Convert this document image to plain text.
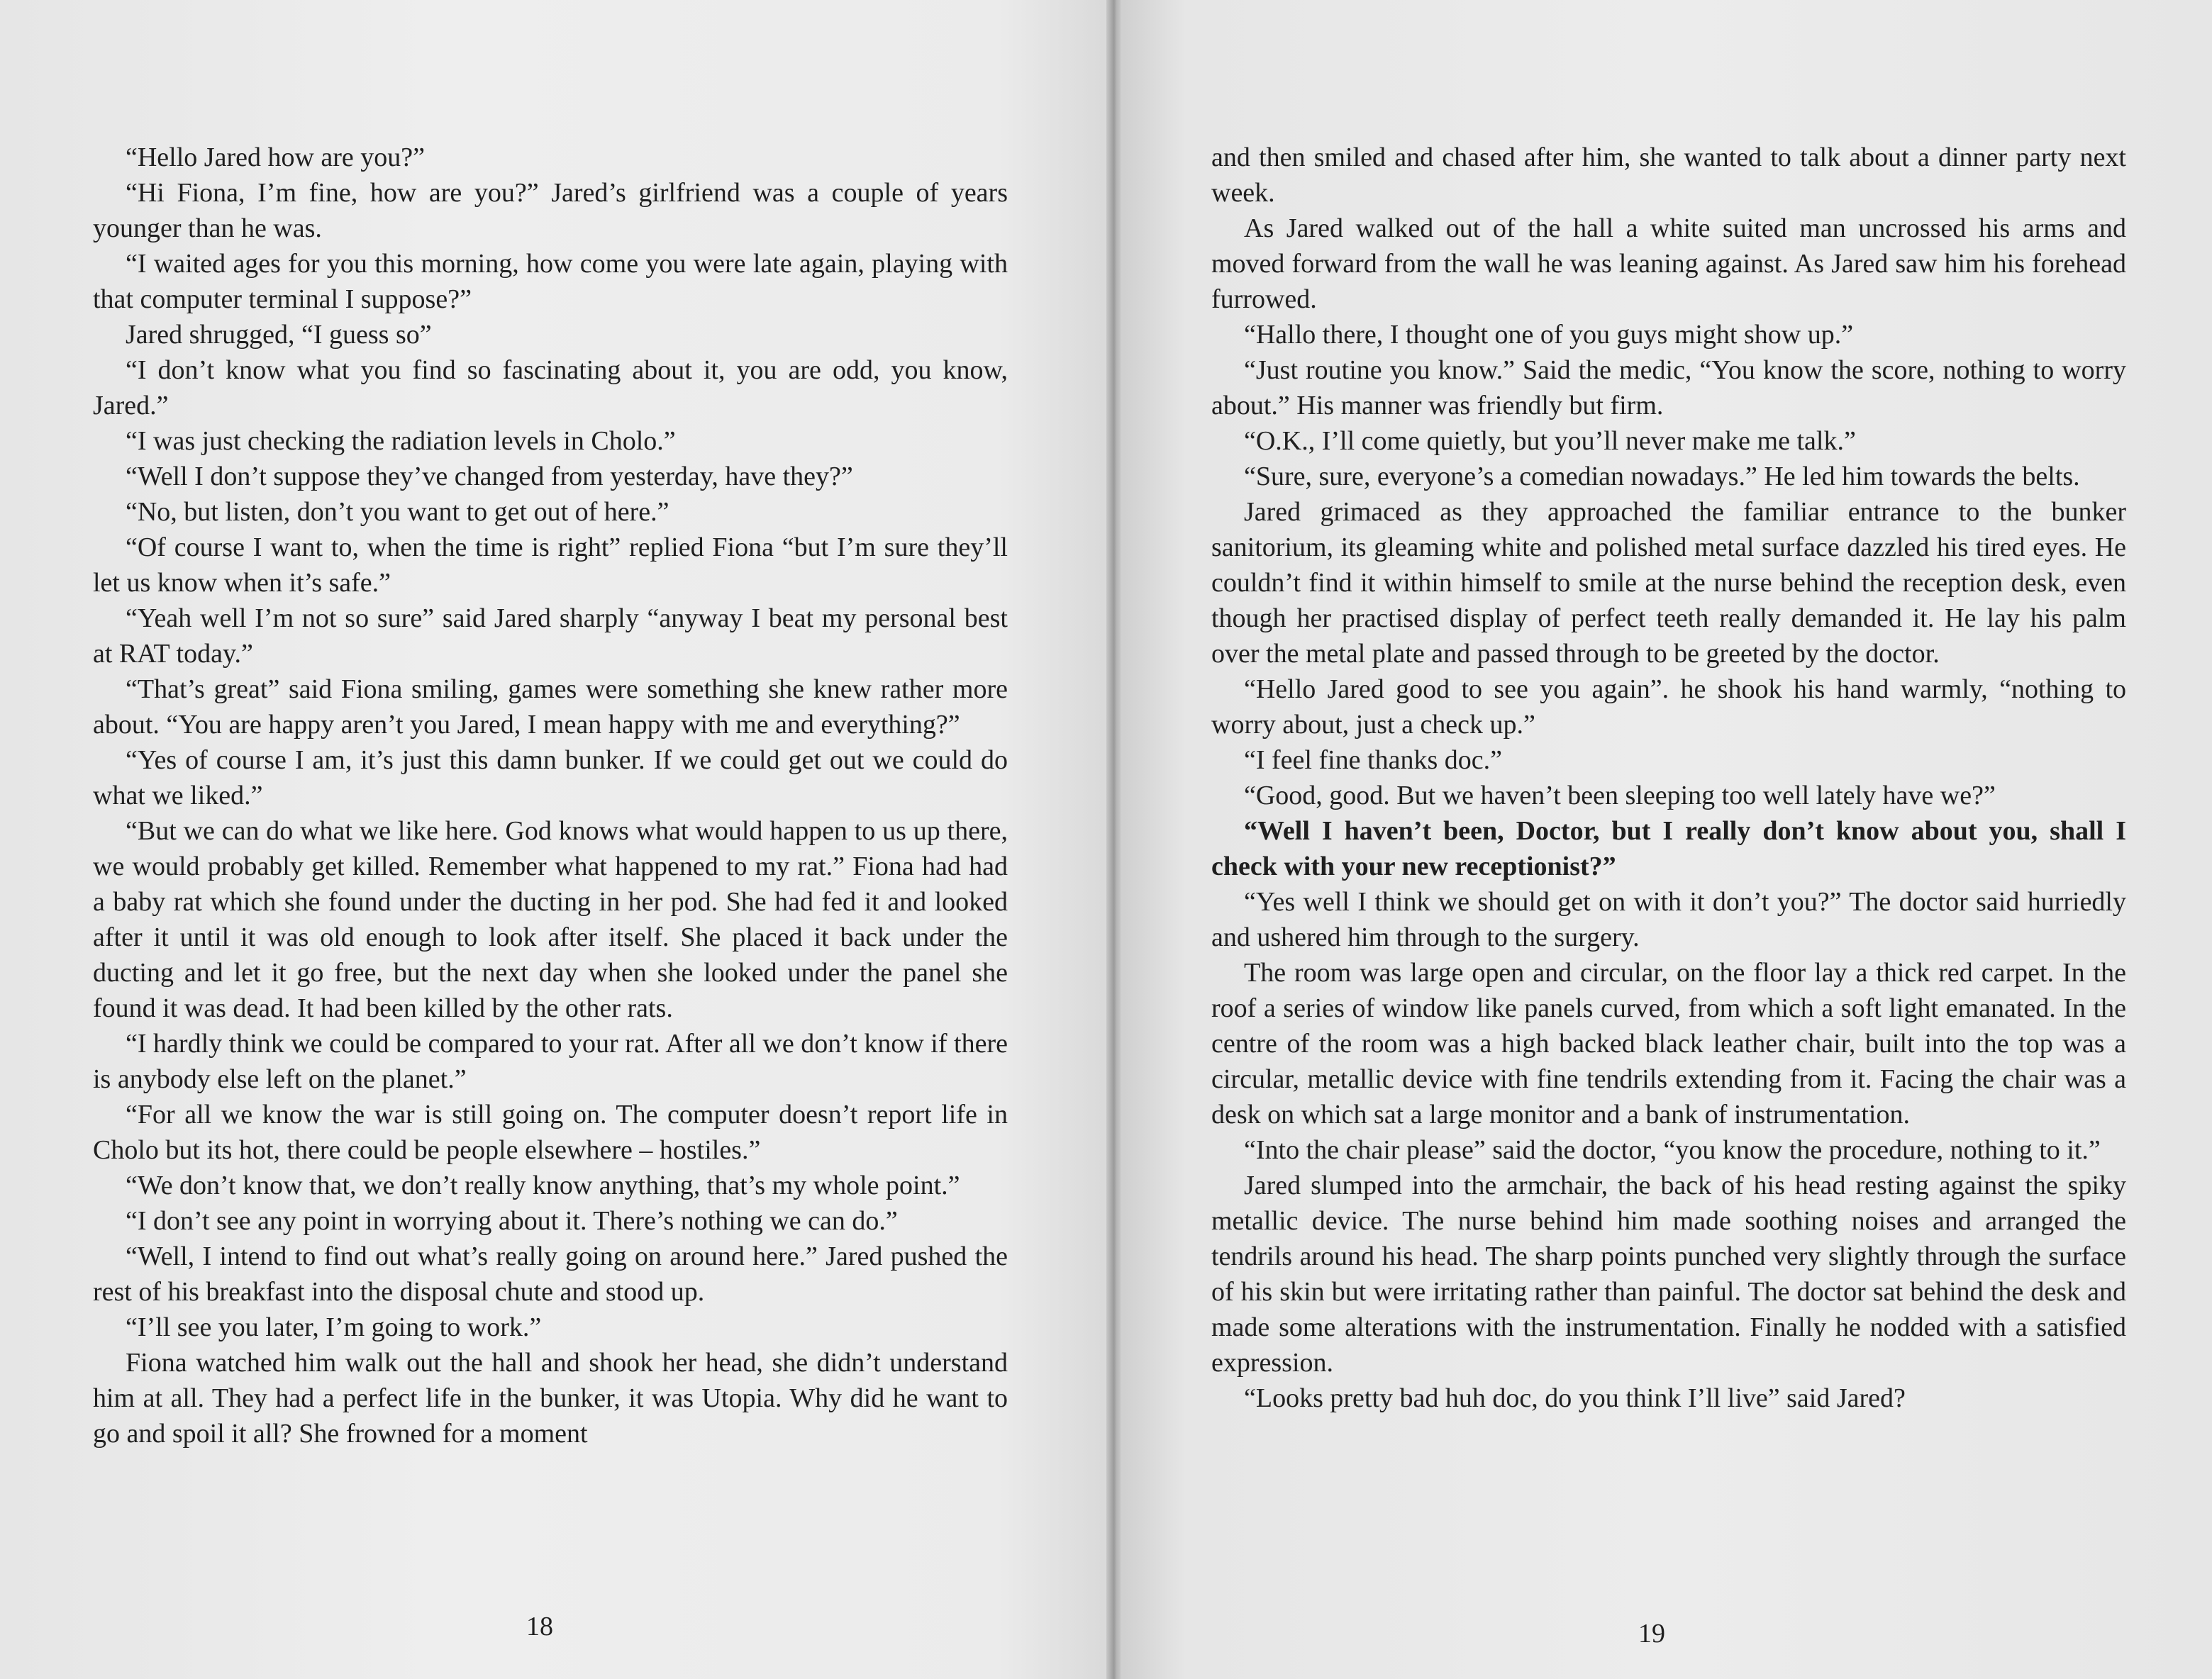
“Hello Jared how are you?”

“Hi Fiona, I’m fine, how are you?” Jared’s girlfriend was a couple of years younger than he was.

“I waited ages for you this morning, how come you were late again, playing with that computer terminal I suppose?”

Jared shrugged, “I guess so”

“I don’t know what you find so fascinating about it, you are odd, you know, Jared.”

“I was just checking the radiation levels in Cholo.”

“Well I don’t suppose they’ve changed from yesterday, have they?”

“No, but listen, don’t you want to get out of here.”

“Of course I want to, when the time is right” replied Fiona “but I’m sure they’ll let us know when it’s safe.”

“Yeah well I’m not so sure” said Jared sharply “anyway I beat my personal best at RAT today.”

“That’s great” said Fiona smiling, games were something she knew rather more about. “You are happy aren’t you Jared, I mean happy with me and everything?”

“Yes of course I am, it’s just this damn bunker. If we could get out we could do what we liked.”

“But we can do what we like here. God knows what would happen to us up there, we would probably get killed. Remember what happened to my rat.” Fiona had had a baby rat which she found under the ducting in her pod. She had fed it and looked after it until it was old enough to look after itself. She placed it back under the ducting and let it go free, but the next day when she looked under the panel she found it was dead. It had been killed by the other rats.

“I hardly think we could be compared to your rat. After all we don’t know if there is anybody else left on the planet.”

“For all we know the war is still going on. The computer doesn’t report life in Cholo but its hot, there could be people elsewhere – hostiles.”

“We don’t know that, we don’t really know anything, that’s my whole point.”

“I don’t see any point in worrying about it. There’s nothing we can do.”

“Well, I intend to find out what’s really going on around here.” Jared pushed the rest of his breakfast into the disposal chute and stood up.

“I’ll see you later, I’m going to work.”

Fiona watched him walk out the hall and shook her head, she didn’t understand him at all. They had a perfect life in the bunker, it was Utopia. Why did he want to go and spoil it all? She frowned for a moment

18

and then smiled and chased after him, she wanted to talk about a dinner party next week.

As Jared walked out of the hall a white suited man uncrossed his arms and moved forward from the wall he was leaning against. As Jared saw him his forehead furrowed.

“Hallo there, I thought one of you guys might show up.”

“Just routine you know.” Said the medic, “You know the score, nothing to worry about.” His manner was friendly but firm.

“O.K., I’ll come quietly, but you’ll never make me talk.”

“Sure, sure, everyone’s a comedian nowadays.” He led him towards the belts.

Jared grimaced as they approached the familiar entrance to the bunker sanitorium, its gleaming white and polished metal surface dazzled his tired eyes. He couldn’t find it within himself to smile at the nurse behind the reception desk, even though her practised display of perfect teeth really demanded it. He lay his palm over the metal plate and passed through to be greeted by the doctor.

“Hello Jared good to see you again”. he shook his hand warmly, “nothing to worry about, just a check up.”

“I feel fine thanks doc.”

“Good, good. But we haven’t been sleeping too well lately have we?”

“Well I haven’t been, Doctor, but I really don’t know about you, shall I check with your new receptionist?”

“Yes well I think we should get on with it don’t you?” The doctor said hurriedly and ushered him through to the surgery.

The room was large open and circular, on the floor lay a thick red carpet. In the roof a series of window like panels curved, from which a soft light emanated. In the centre of the room was a high backed black leather chair, built into the top was a circular, metallic device with fine tendrils extending from it. Facing the chair was a desk on which sat a large monitor and a bank of instrumentation.

“Into the chair please” said the doctor, “you know the procedure, nothing to it.”

Jared slumped into the armchair, the back of his head resting against the spiky metallic device. The nurse behind him made soothing noises and arranged the tendrils around his head. The sharp points punched very slightly through the surface of his skin but were irritating rather than painful. The doctor sat behind the desk and made some alterations with the instrumentation. Finally he nodded with a satisfied expression.

“Looks pretty bad huh doc, do you think I’ll live” said Jared?

19
